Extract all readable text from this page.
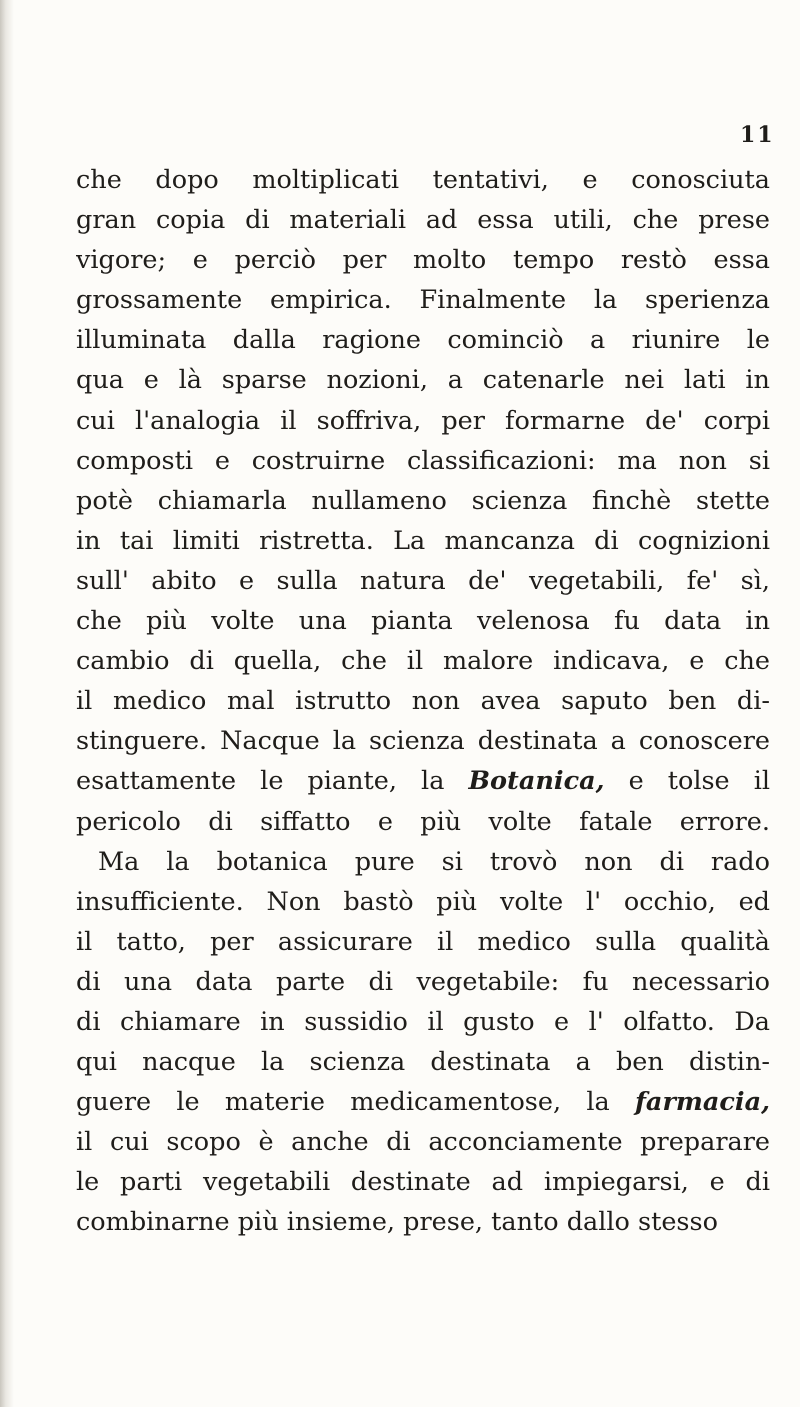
11
che dopo moltiplicati tentativi, e conosciuta
gran copia di materiali ad essa utili, che prese
vigore; e perciò per molto tempo restò essa
grossamente empirica. Finalmente la sperienza
illuminata dalla ragione cominciò a riunire le
qua e là sparse nozioni, a catenarle nei lati in
cui l'analogia il soffriva, per formarne de' corpi
composti e costruirne classificazioni: ma non si
potè chiamarla nullameno scienza finchè stette
in tai limiti ristretta. La mancanza di cognizioni
sull' abito e sulla natura de' vegetabili, fe' sì,
che più volte una pianta velenosa fu data in
cambio di quella, che il malore indicava, e che
il medico mal istrutto non avea saputo ben di-
stinguere. Nacque la scienza destinata a conoscere
esattamente le piante, la Botanica, e tolse il
pericolo di siffatto e più volte fatale errore.
Ma la botanica pure si trovò non di rado
insufficiente. Non bastò più volte l' occhio, ed
il tatto, per assicurare il medico sulla qualità
di una data parte di vegetabile: fu necessario
di chiamare in sussidio il gusto e l' olfatto. Da
qui nacque la scienza destinata a ben distin-
guere le materie medicamentose, la farmacia,
il cui scopo è anche di acconciamente preparare
le parti vegetabili destinate ad impiegarsi, e di
combinarne più insieme, prese, tanto dallo stesso
